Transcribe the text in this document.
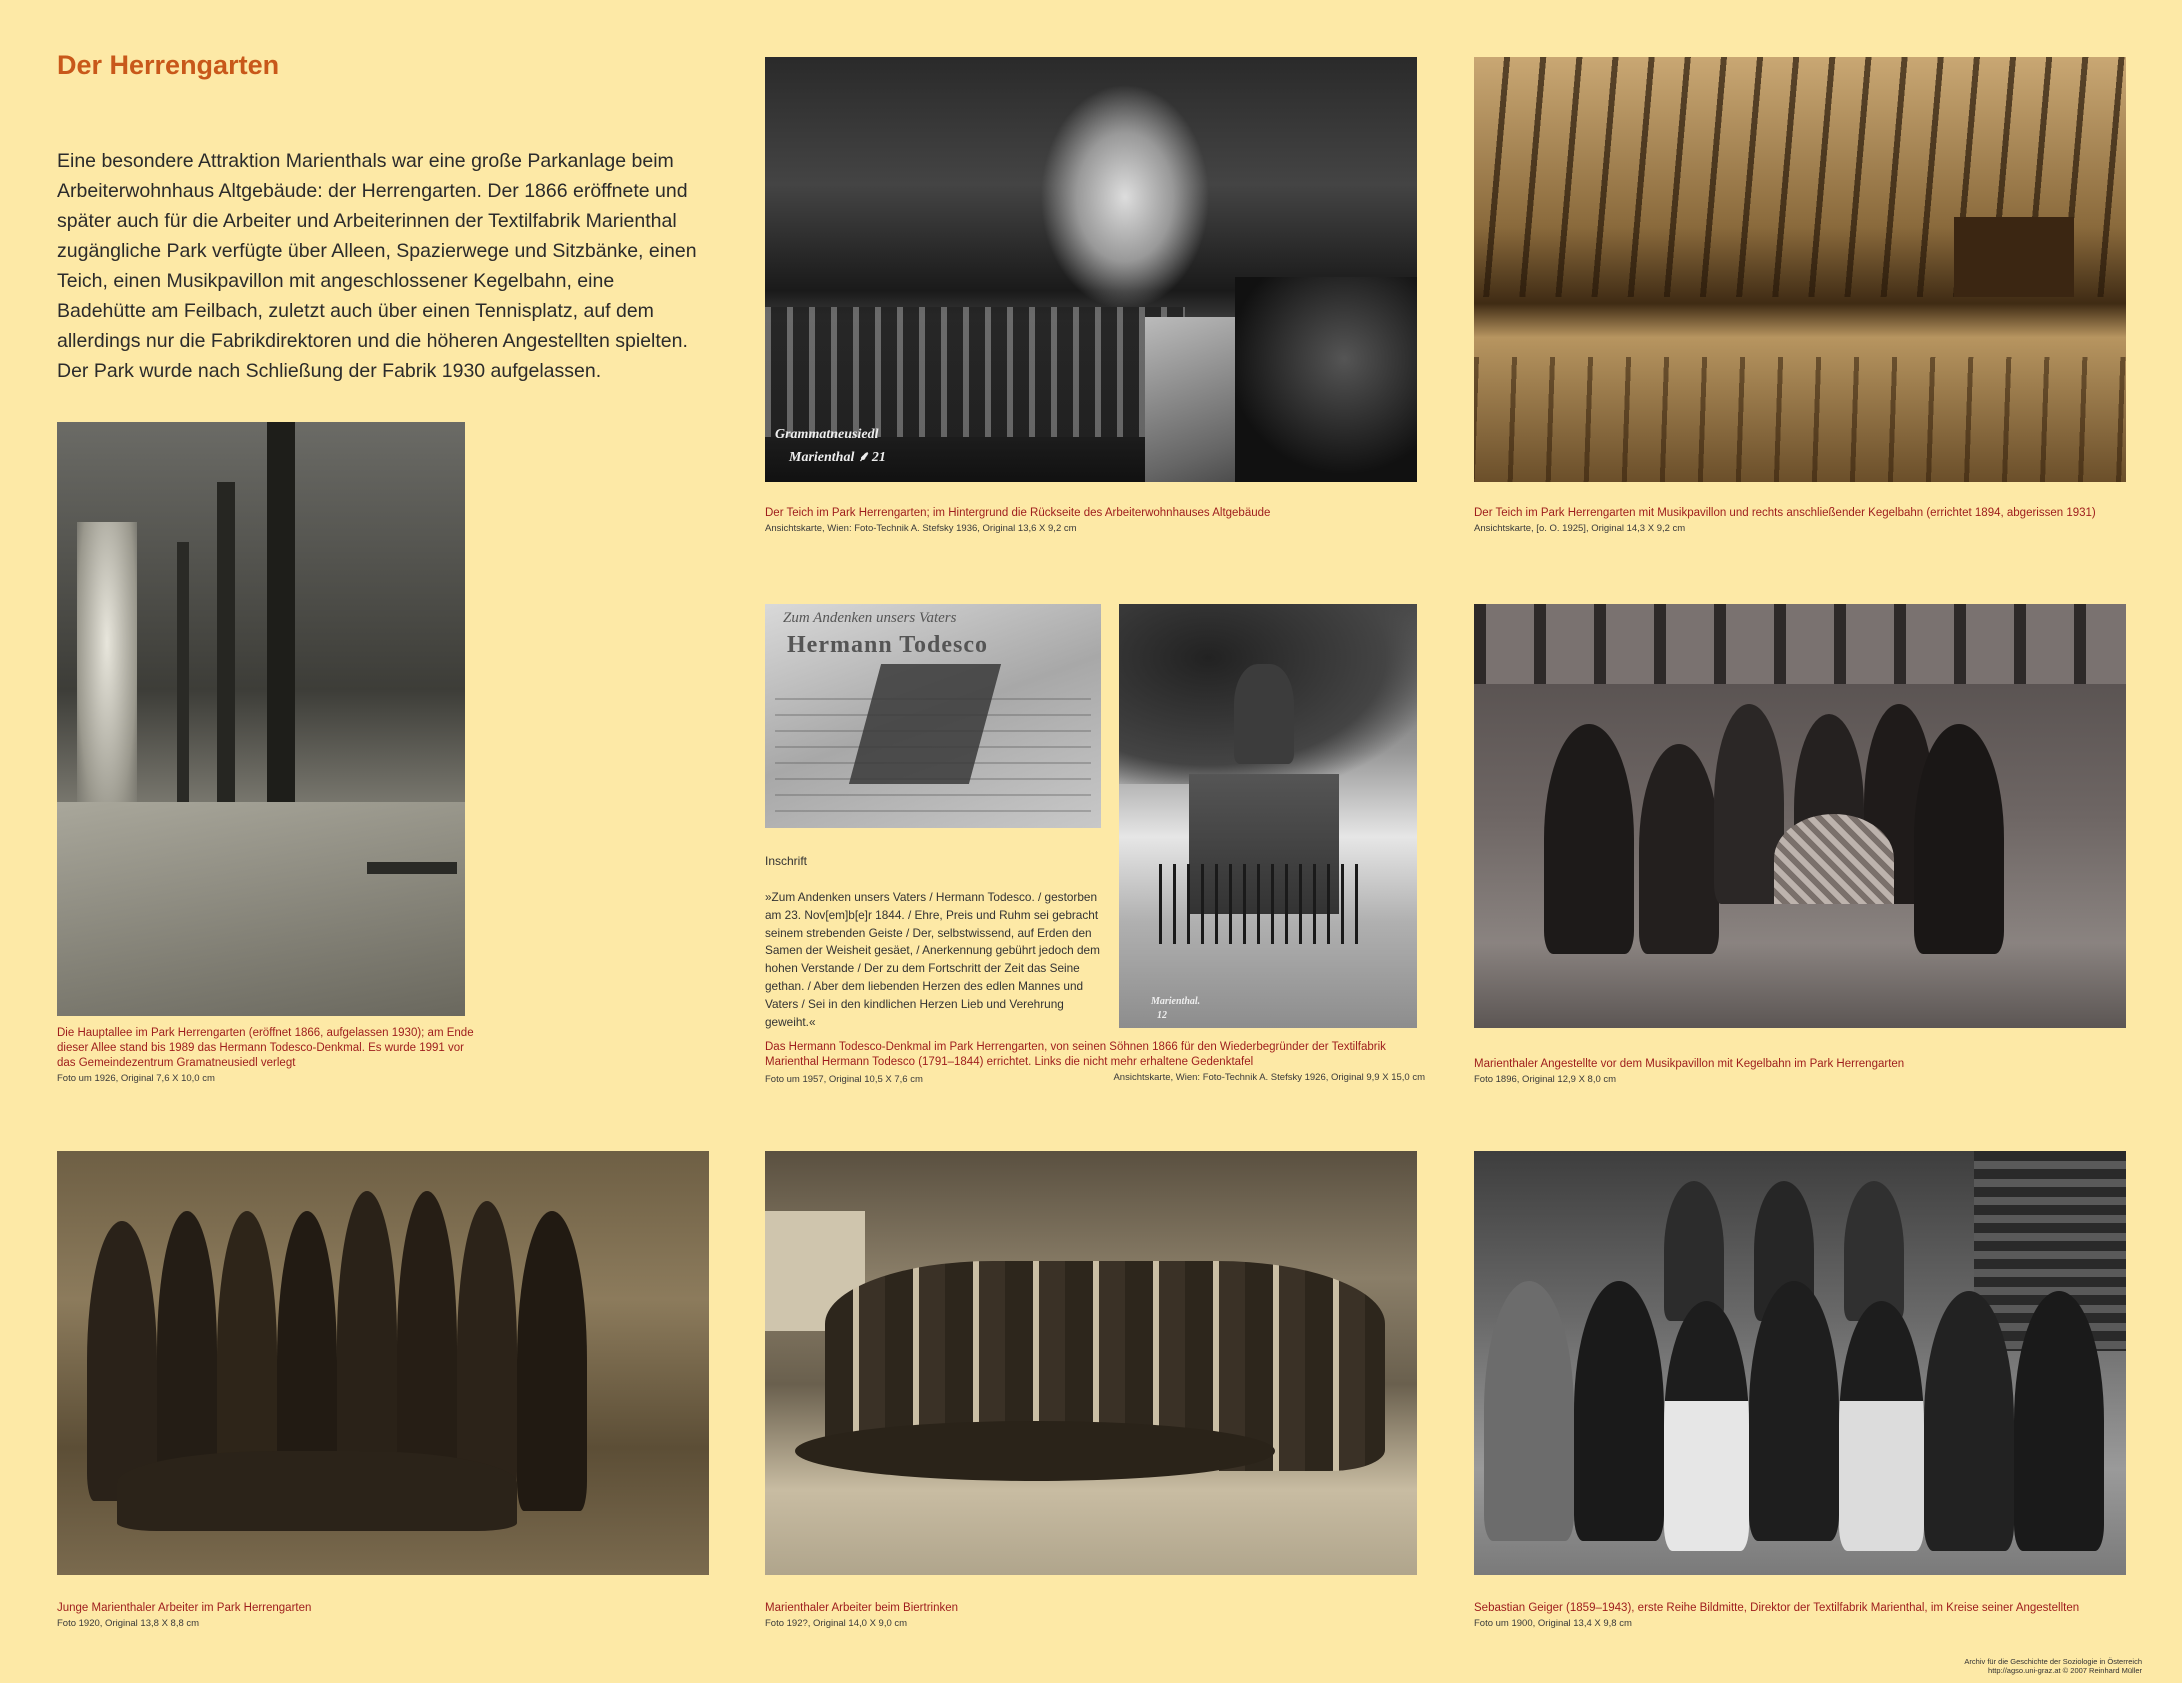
Der Herrengarten
Eine besondere Attraktion Marienthals war eine große Parkanlage beim Arbeiterwohnhaus Altgebäude: der Herrengarten. Der 1866 eröffnete und später auch für die Arbeiter und Arbeiterinnen der Textilfabrik Marienthal zugängliche Park verfügte über Alleen, Spazierwege und Sitzbänke, einen Teich, einen Musikpavillon mit angeschlossener Kegelbahn, eine Badehütte am Feilbach, zuletzt auch über einen Tennisplatz, auf dem allerdings nur die Fabrikdirektoren und die höheren Angestellten spielten. Der Park wurde nach Schließung der Fabrik 1930 aufgelassen.
Grammatneusiedl
Marienthal ⸙ 21
Der Teich im Park Herrengarten; im Hintergrund die Rückseite des Arbeiterwohnhauses Altgebäude
Ansichtskarte, Wien: Foto-Technik A. Stefsky 1936, Original 13,6 X 9,2 cm
Der Teich im Park Herrengarten mit Musikpavillon und rechts anschließender Kegelbahn (errichtet 1894, abgerissen 1931)
Ansichtskarte, [o. O. 1925], Original 14,3 X 9,2 cm
Die Hauptallee im Park Herrengarten (eröffnet 1866, aufgelassen 1930); am Ende dieser Allee stand bis 1989 das Hermann Todesco-Denkmal. Es wurde 1991 vor das Gemeindezentrum Gramatneusiedl verlegt
Foto um 1926, Original 7,6 X 10,0 cm
Zum Andenken unsers Vaters
Hermann Todesco
Inschrift
»Zum Andenken unsers Vaters / Hermann Todesco. / gestorben am 23. Nov[em]b[e]r 1844. / Ehre, Preis und Ruhm sei gebracht seinem strebenden Geiste / Der, selbstwissend, auf Erden den Samen der Weisheit gesäet, / Anerkennung gebührt jedoch dem hohen Verstande / Der zu dem Fortschritt der Zeit das Seine gethan. / Aber dem liebenden Herzen des edlen Mannes und Vaters / Sei in den kindlichen Herzen Lieb und Verehrung geweiht.«
Marienthal.
12
Das Hermann Todesco-Denkmal im Park Herrengarten, von seinen Söhnen 1866 für den Wiederbegründer der Textilfabrik Marienthal Hermann Todesco (1791–1844) errichtet. Links die nicht mehr erhaltene Gedenktafel
Foto um 1957, Original 10,5 X 7,6 cm	Ansichtskarte, Wien: Foto-Technik A. Stefsky 1926, Original 9,9 X 15,0 cm
Marienthaler Angestellte vor dem Musikpavillon mit Kegelbahn im Park Herrengarten
Foto 1896, Original 12,9 X 8,0 cm
Junge Marienthaler Arbeiter im Park Herrengarten
Foto 1920, Original 13,8 X 8,8 cm
Marienthaler Arbeiter beim Biertrinken
Foto 192?, Original 14,0 X 9,0 cm
Sebastian Geiger (1859–1943), erste Reihe Bildmitte, Direktor der Textilfabrik Marienthal, im Kreise seiner Angestellten
Foto um 1900, Original 13,4 X 9,8 cm
Archiv für die Geschichte der Soziologie in Österreich
http://agso.uni-graz.at © 2007 Reinhard Müller
